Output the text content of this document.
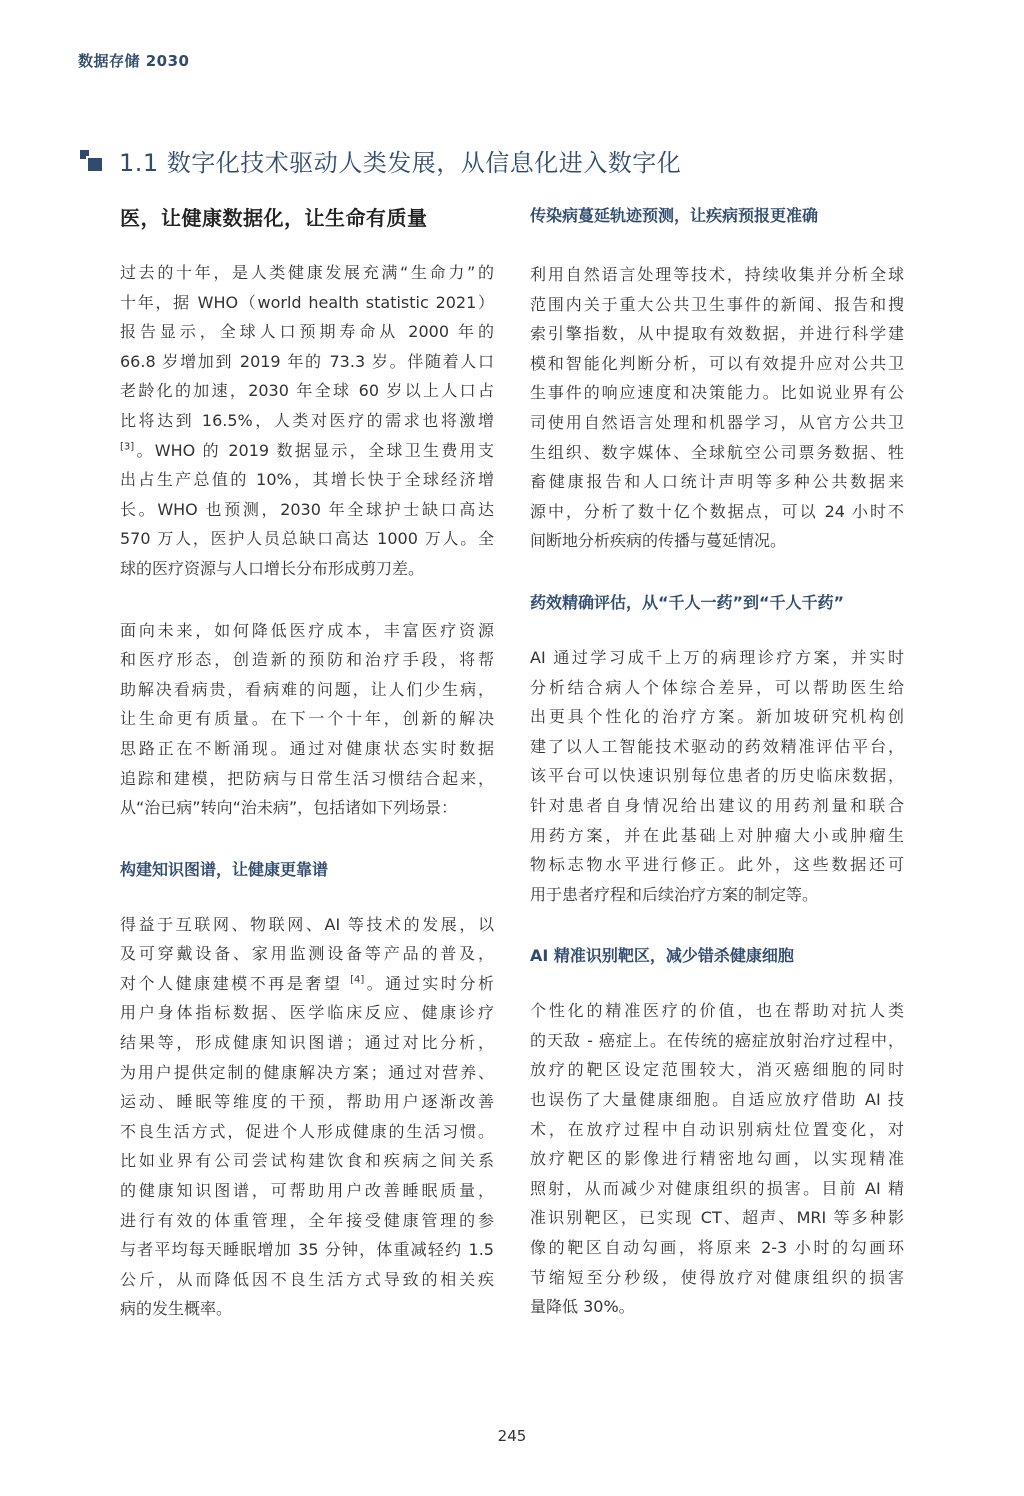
数据存储 2030
1.1 数字化技术驱动人类发展，从信息化进入数字化
医，让健康数据化，让生命有质量
过去的十年，是人类健康发展充满“生命力”的
十年，据 WHO（world health statistic 2021）
报告显示，全球人口预期寿命从 2000 年的
66.8 岁增加到 2019 年的 73.3 岁。伴随着人口
老龄化的加速，2030 年全球 60 岁以上人口占
比将达到 16.5%，人类对医疗的需求也将激增
[3]。WHO 的 2019 数据显示，全球卫生费用支
出占生产总值的 10%，其增长快于全球经济增
长。WHO 也预测，2030 年全球护士缺口高达
570 万人，医护人员总缺口高达 1000 万人。全
球的医疗资源与人口增长分布形成剪刀差。
面向未来，如何降低医疗成本，丰富医疗资源
和医疗形态，创造新的预防和治疗手段，将帮
助解决看病贵，看病难的问题，让人们少生病，
让生命更有质量。在下一个十年，创新的解决
思路正在不断涌现。通过对健康状态实时数据
追踪和建模，把防病与日常生活习惯结合起来，
从“治已病”转向“治未病”，包括诸如下列场景：
构建知识图谱，让健康更靠谱
得益于互联网、物联网、AI 等技术的发展，以
及可穿戴设备、家用监测设备等产品的普及，
对个人健康建模不再是奢望 [4]。通过实时分析
用户身体指标数据、医学临床反应、健康诊疗
结果等，形成健康知识图谱；通过对比分析，
为用户提供定制的健康解决方案；通过对营养、
运动、睡眠等维度的干预，帮助用户逐渐改善
不良生活方式，促进个人形成健康的生活习惯。
比如业界有公司尝试构建饮食和疾病之间关系
的健康知识图谱，可帮助用户改善睡眠质量，
进行有效的体重管理，全年接受健康管理的参
与者平均每天睡眠增加 35 分钟，体重减轻约 1.5
公斤，从而降低因不良生活方式导致的相关疾
病的发生概率。
传染病蔓延轨迹预测，让疾病预报更准确
利用自然语言处理等技术，持续收集并分析全球
范围内关于重大公共卫生事件的新闻、报告和搜
索引擎指数，从中提取有效数据，并进行科学建
模和智能化判断分析，可以有效提升应对公共卫
生事件的响应速度和决策能力。比如说业界有公
司使用自然语言处理和机器学习，从官方公共卫
生组织、数字媒体、全球航空公司票务数据、牲
畜健康报告和人口统计声明等多种公共数据来
源中，分析了数十亿个数据点，可以 24 小时不
间断地分析疾病的传播与蔓延情况。
药效精确评估，从“千人一药”到“千人千药”
AI 通过学习成千上万的病理诊疗方案，并实时
分析结合病人个体综合差异，可以帮助医生给
出更具个性化的治疗方案。新加坡研究机构创
建了以人工智能技术驱动的药效精准评估平台，
该平台可以快速识别每位患者的历史临床数据，
针对患者自身情况给出建议的用药剂量和联合
用药方案，并在此基础上对肿瘤大小或肿瘤生
物标志物水平进行修正。此外，这些数据还可
用于患者疗程和后续治疗方案的制定等。
AI 精准识别靶区，减少错杀健康细胞
个性化的精准医疗的价值，也在帮助对抗人类
的天敌 - 癌症上。在传统的癌症放射治疗过程中，
放疗的靶区设定范围较大，消灭癌细胞的同时
也误伤了大量健康细胞。自适应放疗借助 AI 技
术，在放疗过程中自动识别病灶位置变化，对
放疗靶区的影像进行精密地勾画，以实现精准
照射，从而减少对健康组织的损害。目前 AI 精
准识别靶区，已实现 CT、超声、MRI 等多种影
像的靶区自动勾画，将原来 2-3 小时的勾画环
节缩短至分秒级，使得放疗对健康组织的损害
量降低 30%。
245
